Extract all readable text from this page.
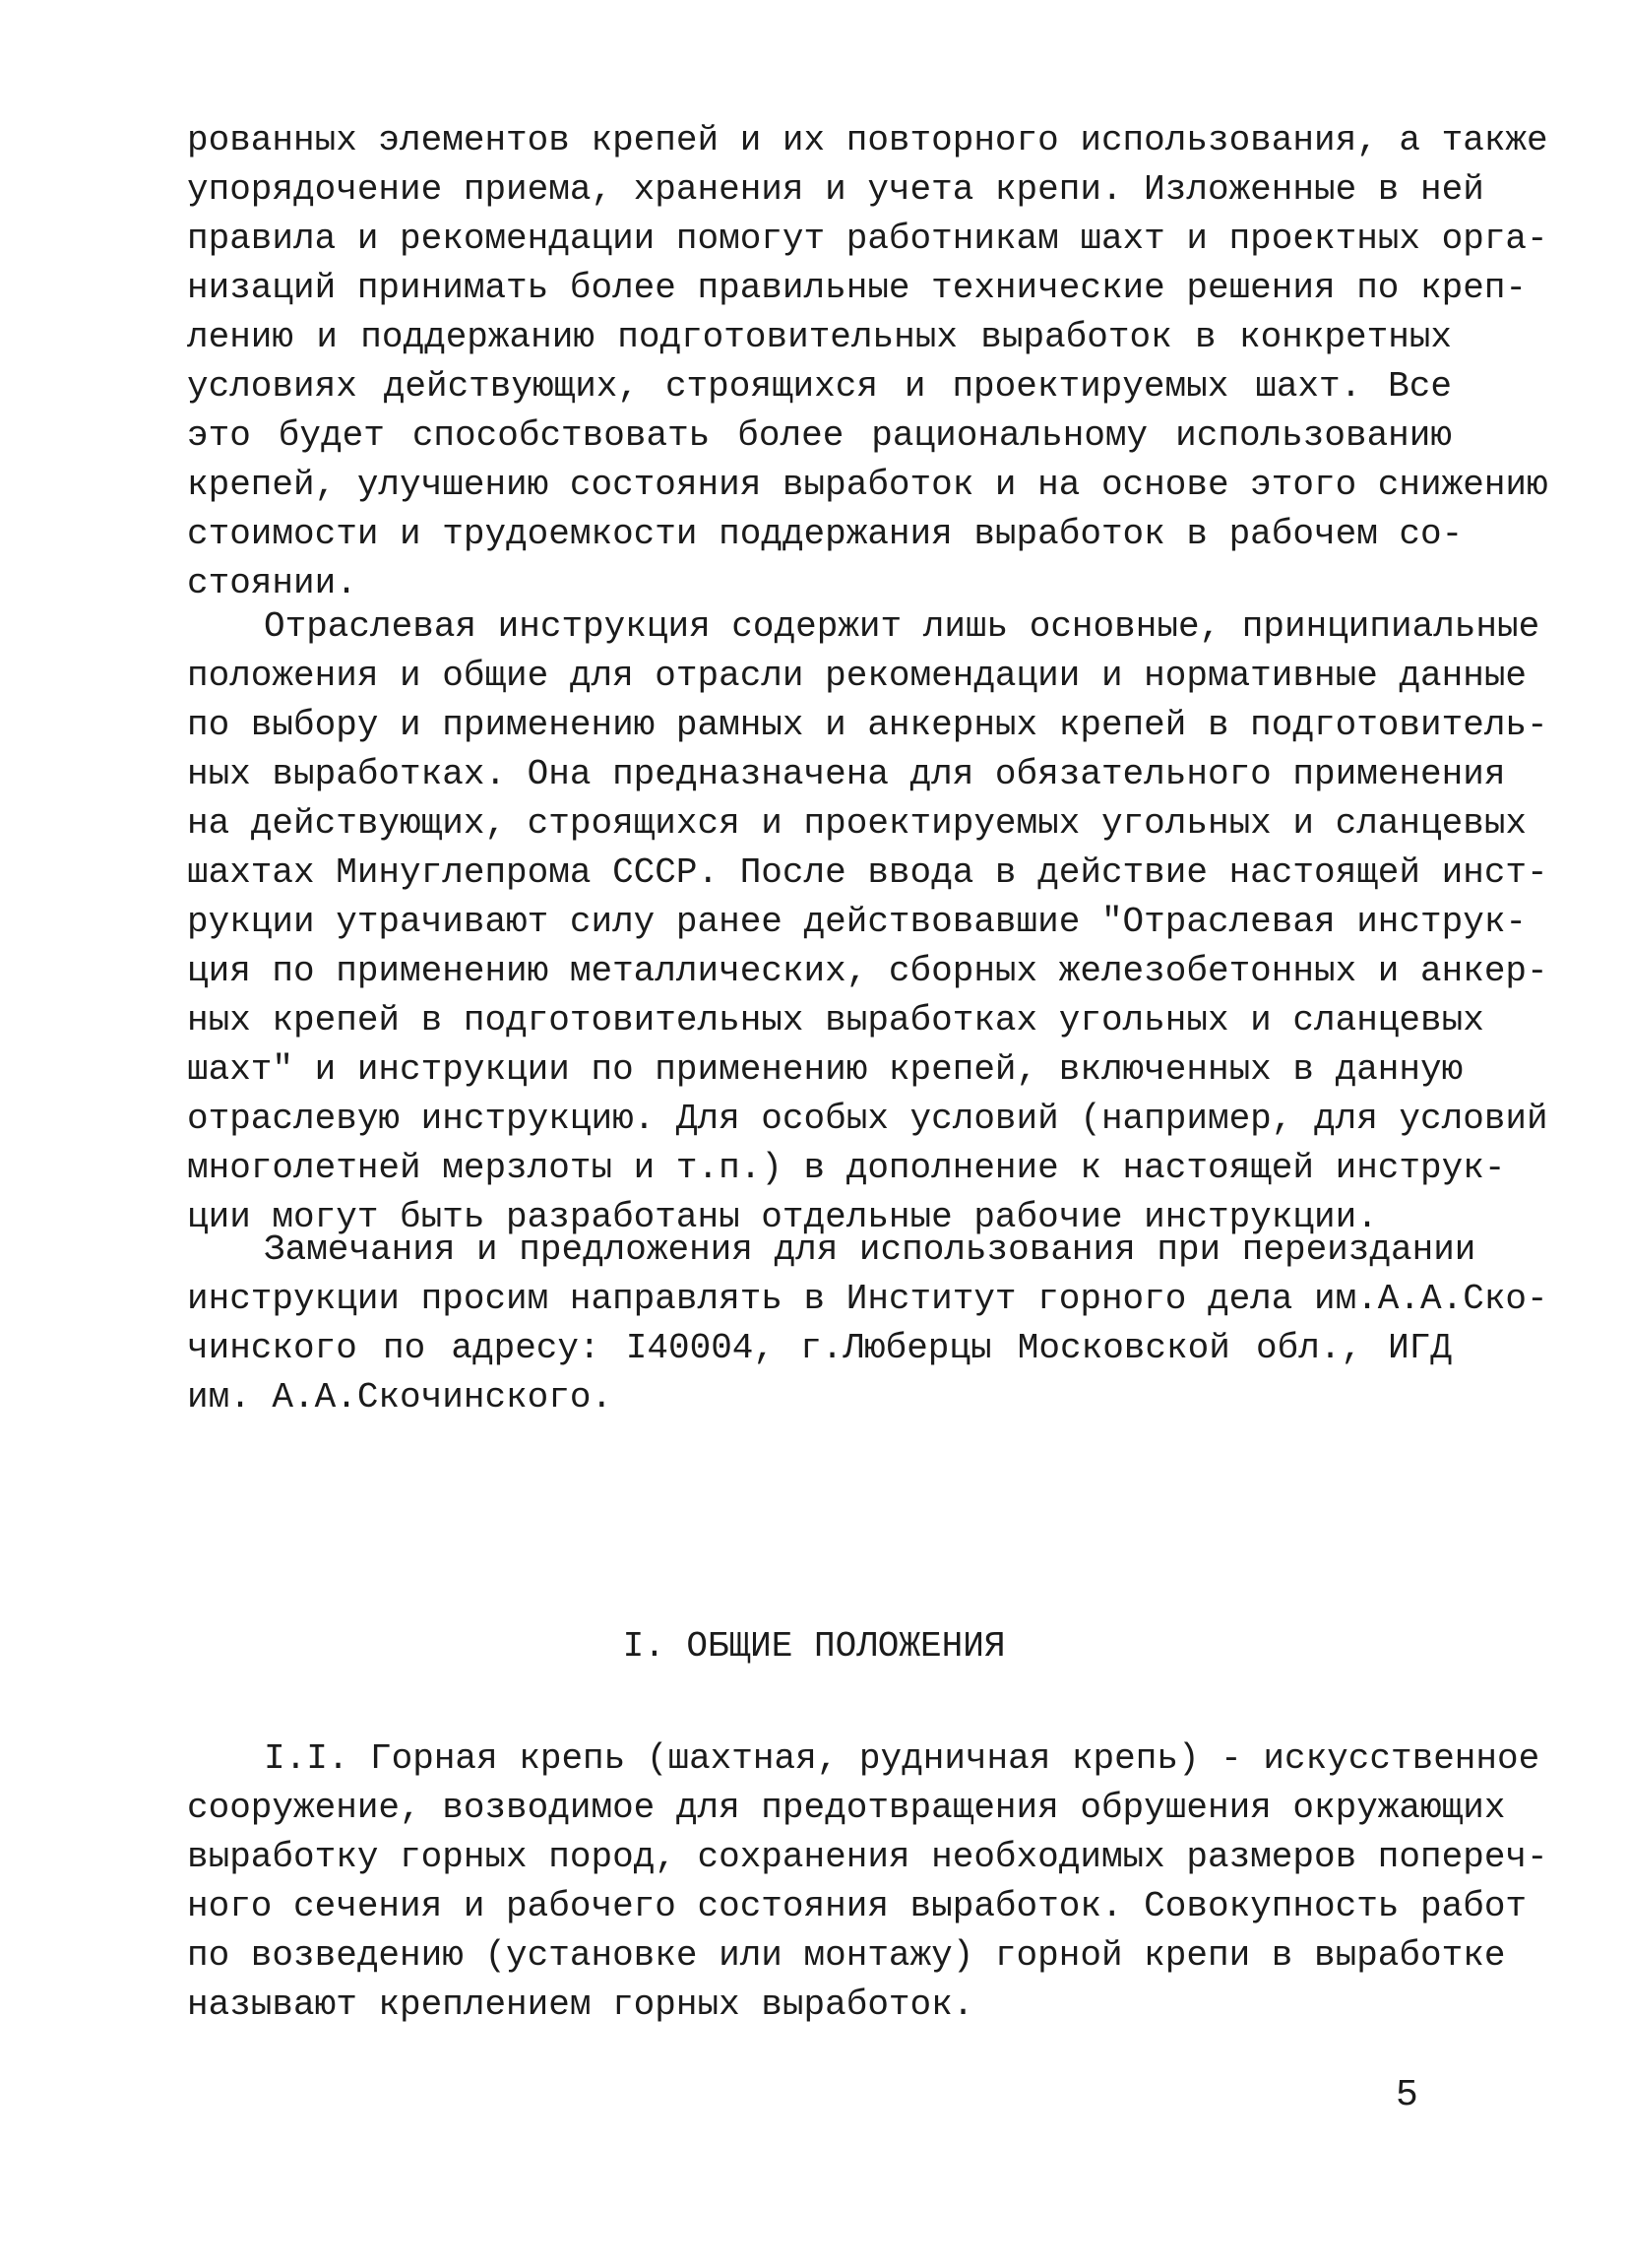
рованных элементов крепей и их повторного использования, а также
упорядочение приема, хранения и учета крепи. Изложенные в ней
правила и рекомендации помогут работникам шахт и проектных орга-
низаций принимать более правильные технические решения по креп-
лению и поддержанию подготовительных выработок в конкретных
условиях действующих, строящихся и проектируемых шахт. Все
это будет способствовать более рациональному использованию
крепей, улучшению состояния выработок и на основе этого снижению
стоимости и трудоемкости поддержания выработок в рабочем со-
стоянии.
Отраслевая инструкция содержит лишь основные, принципиальные
положения и общие для отрасли рекомендации и нормативные данные
по выбору и применению рамных и анкерных крепей в подготовитель-
ных выработках. Она предназначена для обязательного применения
на действующих, строящихся и проектируемых угольных и сланцевых
шахтах Минуглепрома СССР. После ввода в действие настоящей инст-
рукции утрачивают силу ранее действовавшие "Отраслевая инструк-
ция по применению металлических, сборных железобетонных и анкер-
ных крепей в подготовительных выработках угольных и сланцевых
шахт" и инструкции по применению крепей, включенных в данную
отраслевую инструкцию. Для особых условий (например, для условий
многолетней мерзлоты и т.п.) в дополнение к настоящей инструк-
ции могут быть разработаны отдельные рабочие инструкции.
Замечания и предложения для использования при переиздании
инструкции просим направлять в Институт горного дела им.А.А.Ско-
чинского по адресу: I40004, г.Люберцы Московской обл., ИГД
им. А.А.Скочинского.
I. ОБЩИЕ ПОЛОЖЕНИЯ
I.I. Горная крепь (шахтная, рудничная крепь) - искусственное
сооружение, возводимое для предотвращения обрушения окружающих
выработку горных пород, сохранения необходимых размеров попереч-
ного сечения и рабочего состояния выработок. Совокупность работ
по возведению (установке или монтажу) горной крепи в выработке
называют креплением горных выработок.
5
